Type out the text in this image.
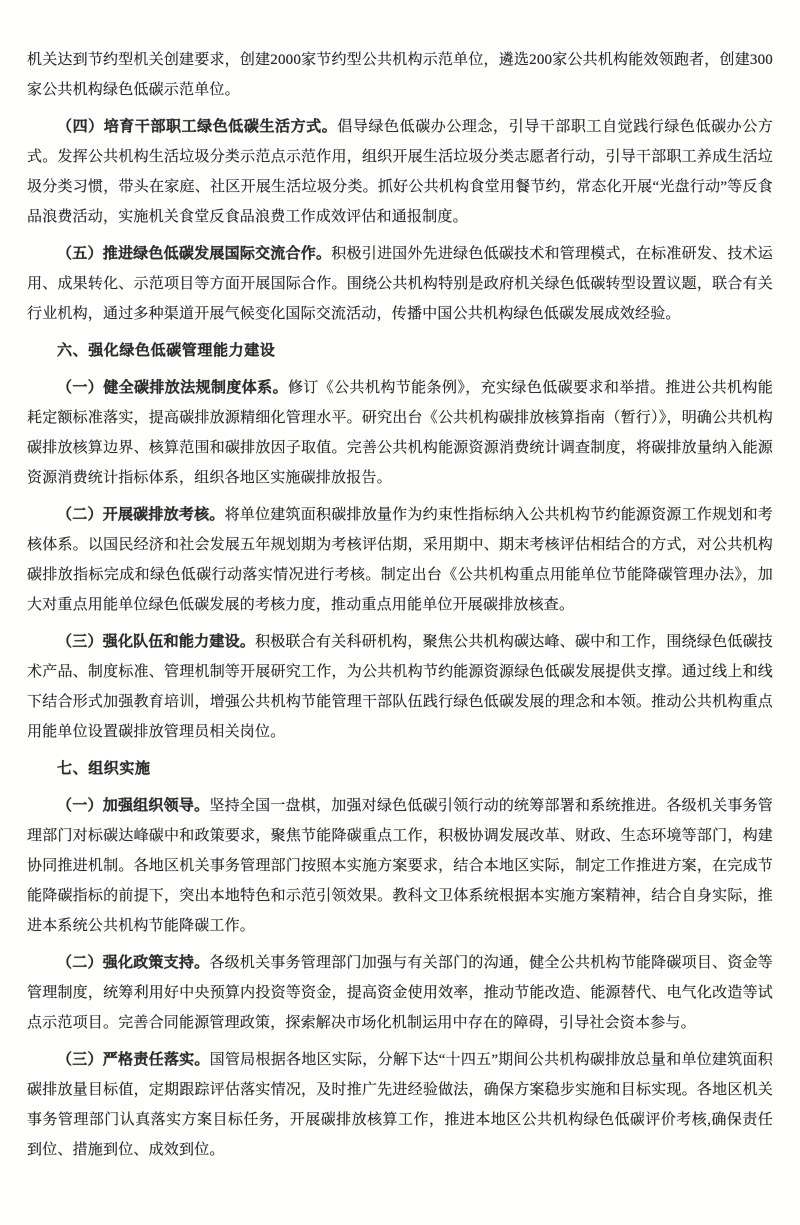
机关达到节约型机关创建要求，创建2000家节约型公共机构示范单位，遴选200家公共机构能效领跑者，创建300家公共机构绿色低碳示范单位。

（四）培育干部职工绿色低碳生活方式。倡导绿色低碳办公理念，引导干部职工自觉践行绿色低碳办公方式。发挥公共机构生活垃圾分类示范点示范作用，组织开展生活垃圾分类志愿者行动，引导干部职工养成生活垃圾分类习惯，带头在家庭、社区开展生活垃圾分类。抓好公共机构食堂用餐节约，常态化开展“光盘行动”等反食品浪费活动，实施机关食堂反食品浪费工作成效评估和通报制度。

（五）推进绿色低碳发展国际交流合作。积极引进国外先进绿色低碳技术和管理模式，在标准研发、技术运用、成果转化、示范项目等方面开展国际合作。围绕公共机构特别是政府机关绿色低碳转型设置议题，联合有关行业机构，通过多种渠道开展气候变化国际交流活动，传播中国公共机构绿色低碳发展成效经验。

六、强化绿色低碳管理能力建设

（一）健全碳排放法规制度体系。修订《公共机构节能条例》，充实绿色低碳要求和举措。推进公共机构能耗定额标准落实，提高碳排放源精细化管理水平。研究出台《公共机构碳排放核算指南（暂行）》，明确公共机构碳排放核算边界、核算范围和碳排放因子取值。完善公共机构能源资源消费统计调查制度，将碳排放量纳入能源资源消费统计指标体系，组织各地区实施碳排放报告。

（二）开展碳排放考核。将单位建筑面积碳排放量作为约束性指标纳入公共机构节约能源资源工作规划和考核体系。以国民经济和社会发展五年规划期为考核评估期，采用期中、期末考核评估相结合的方式，对公共机构碳排放指标完成和绿色低碳行动落实情况进行考核。制定出台《公共机构重点用能单位节能降碳管理办法》，加大对重点用能单位绿色低碳发展的考核力度，推动重点用能单位开展碳排放核查。

（三）强化队伍和能力建设。积极联合有关科研机构，聚焦公共机构碳达峰、碳中和工作，围绕绿色低碳技术产品、制度标准、管理机制等开展研究工作，为公共机构节约能源资源绿色低碳发展提供支撑。通过线上和线下结合形式加强教育培训，增强公共机构节能管理干部队伍践行绿色低碳发展的理念和本领。推动公共机构重点用能单位设置碳排放管理员相关岗位。

七、组织实施

（一）加强组织领导。坚持全国一盘棋，加强对绿色低碳引领行动的统筹部署和系统推进。各级机关事务管理部门对标碳达峰碳中和政策要求，聚焦节能降碳重点工作，积极协调发展改革、财政、生态环境等部门，构建协同推进机制。各地区机关事务管理部门按照本实施方案要求，结合本地区实际，制定工作推进方案，在完成节能降碳指标的前提下，突出本地特色和示范引领效果。教科文卫体系统根据本实施方案精神，结合自身实际，推进本系统公共机构节能降碳工作。

（二）强化政策支持。各级机关事务管理部门加强与有关部门的沟通，健全公共机构节能降碳项目、资金等管理制度，统筹利用好中央预算内投资等资金，提高资金使用效率，推动节能改造、能源替代、电气化改造等试点示范项目。完善合同能源管理政策，探索解决市场化机制运用中存在的障碍，引导社会资本参与。

（三）严格责任落实。国管局根据各地区实际，分解下达“十四五”期间公共机构碳排放总量和单位建筑面积碳排放量目标值，定期跟踪评估落实情况，及时推广先进经验做法，确保方案稳步实施和目标实现。各地区机关事务管理部门认真落实方案目标任务，开展碳排放核算工作，推进本地区公共机构绿色低碳评价考核,确保责任到位、措施到位、成效到位。
